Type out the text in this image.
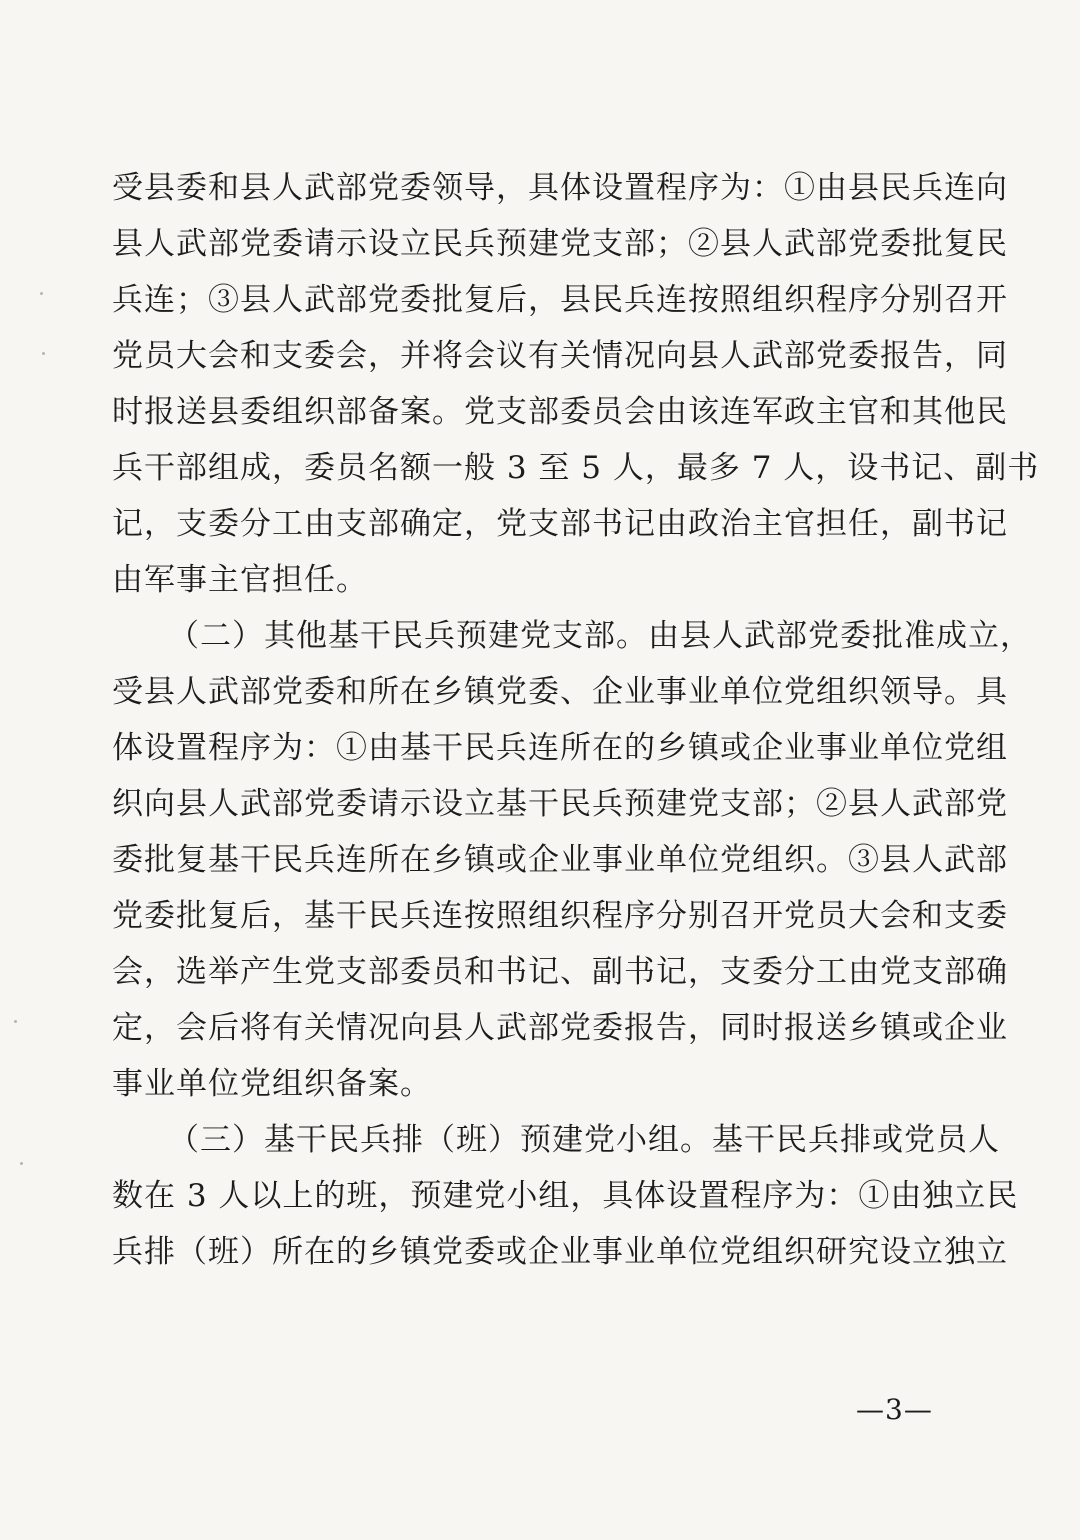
受县委和县人武部党委领导，具体设置程序为：①由县民兵连向
县人武部党委请示设立民兵预建党支部；②县人武部党委批复民
兵连；③县人武部党委批复后，县民兵连按照组织程序分别召开
党员大会和支委会，并将会议有关情况向县人武部党委报告，同
时报送县委组织部备案。党支部委员会由该连军政主官和其他民
兵干部组成，委员名额一般 3 至 5 人，最多 7 人，设书记、副书
记，支委分工由支部确定，党支部书记由政治主官担任，副书记
由军事主官担任。
（二）其他基干民兵预建党支部。由县人武部党委批准成立，
受县人武部党委和所在乡镇党委、企业事业单位党组织领导。具
体设置程序为：①由基干民兵连所在的乡镇或企业事业单位党组
织向县人武部党委请示设立基干民兵预建党支部；②县人武部党
委批复基干民兵连所在乡镇或企业事业单位党组织。③县人武部
党委批复后，基干民兵连按照组织程序分别召开党员大会和支委
会，选举产生党支部委员和书记、副书记，支委分工由党支部确
定，会后将有关情况向县人武部党委报告，同时报送乡镇或企业
事业单位党组织备案。
（三）基干民兵排（班）预建党小组。基干民兵排或党员人
数在 3 人以上的班，预建党小组，具体设置程序为：①由独立民
兵排（班）所在的乡镇党委或企业事业单位党组织研究设立独立
—3—
